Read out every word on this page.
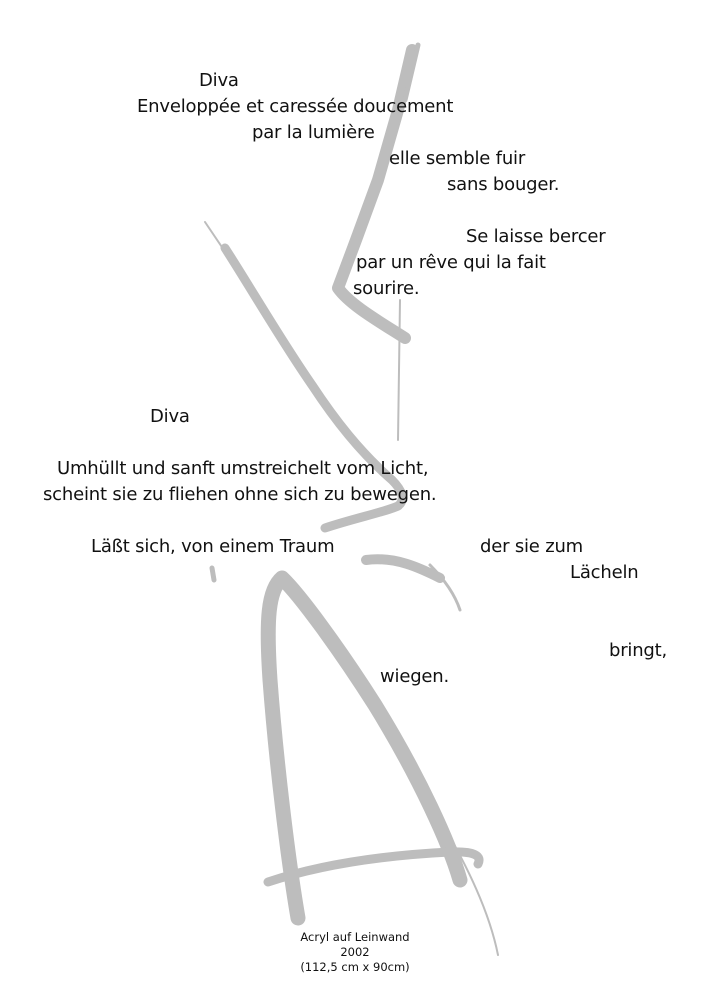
Diva
Enveloppée et caressée doucement
par la lumière
elle semble fuir
sans bouger.
Se laisse bercer
par un rêve qui la fait
sourire.
Diva
Umhüllt und sanft umstreichelt vom Licht,
scheint sie zu fliehen ohne sich zu bewegen.
Läßt sich, von einem Traum	der sie zum
Lächeln
bringt,
wiegen.
Acryl auf Leinwand
2002
(112,5 cm x 90cm)
